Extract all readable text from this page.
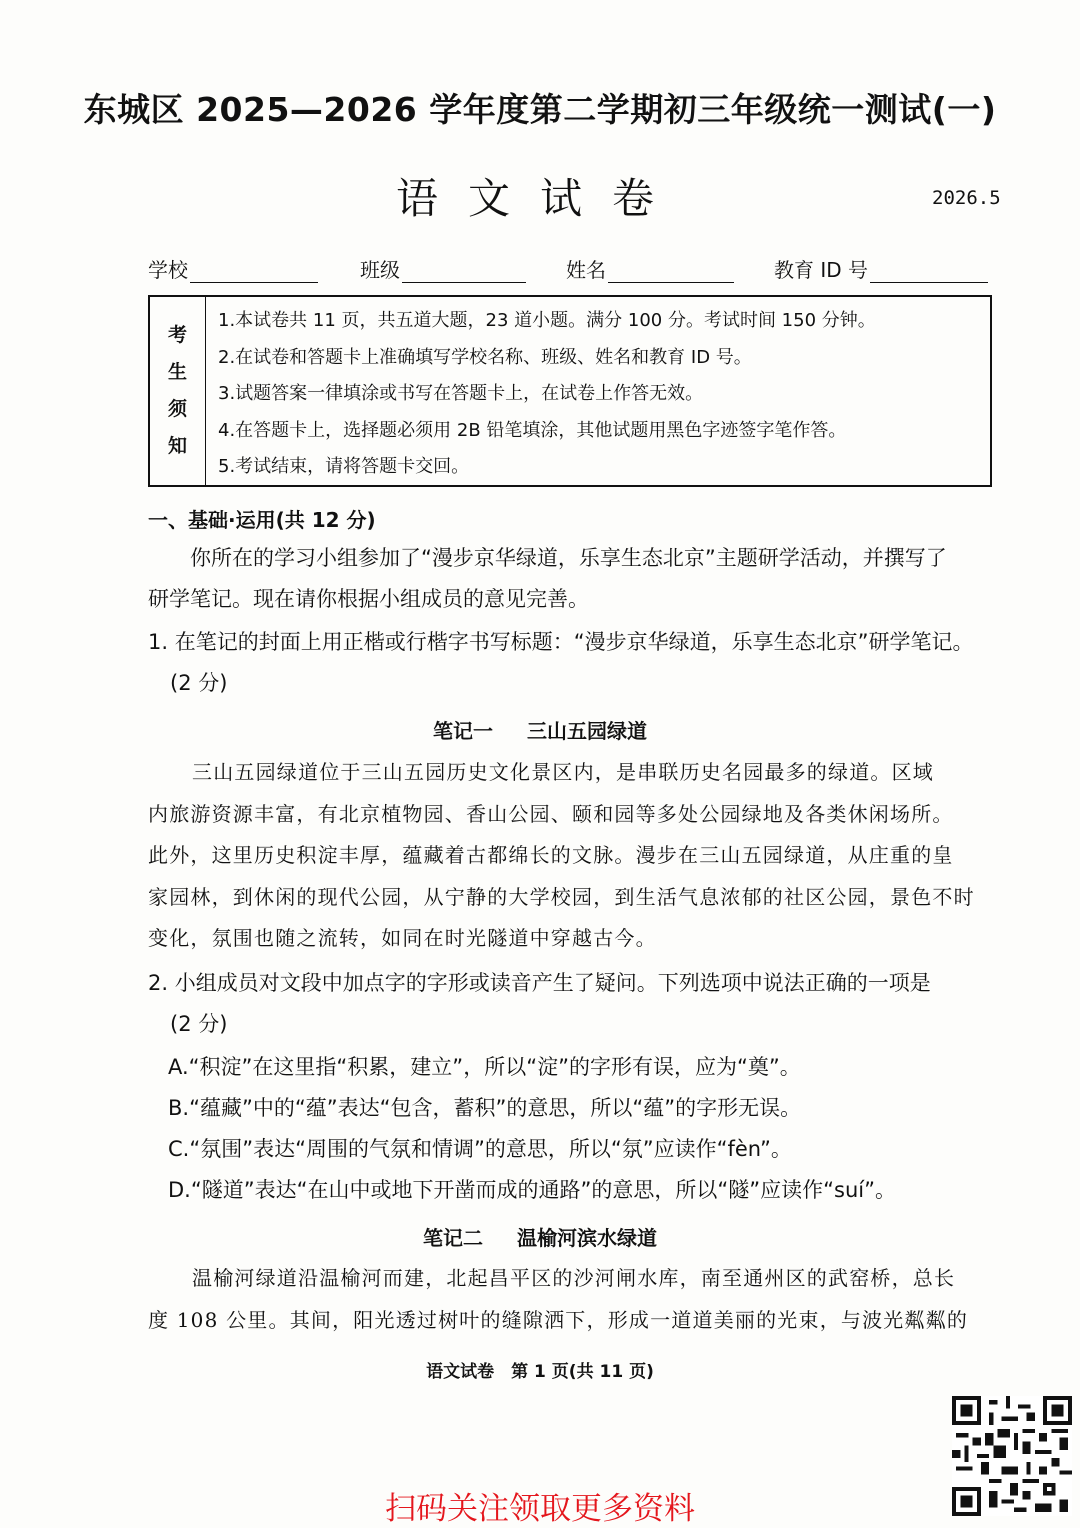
东城区 2025—2026 学年度第二学期初三年级统一测试(一)
语文试卷	2026.5
学校	班级	姓名	教育 ID 号
考
生
须
知
1.本试卷共 11 页，共五道大题，23 道小题。满分 100 分。考试时间 150 分钟。
2.在试卷和答题卡上准确填写学校名称、班级、姓名和教育 ID 号。
3.试题答案一律填涂或书写在答题卡上，在试卷上作答无效。
4.在答题卡上，选择题必须用 2B 铅笔填涂，其他试题用黑色字迹签字笔作答。
5.考试结束，请将答题卡交回。
一、基础·运用(共 12 分)
你所在的学习小组参加了“漫步京华绿道，乐享生态北京”主题研学活动，并撰写了
研学笔记。现在请你根据小组成员的意见完善。
1. 在笔记的封面上用正楷或行楷字书写标题：“漫步京华绿道，乐享生态北京”研学笔记。
(2 分)
笔记一 三山五园绿道
三山五园绿道位于三山五园历史文化景区内，是串联历史名园最多的绿道。区域
内旅游资源丰富，有北京植物园、香山公园、颐和园等多处公园绿地及各类休闲场所。
此外，这里历史积淀丰厚，蕴藏着古都绵长的文脉。漫步在三山五园绿道，从庄重的皇
家园林，到休闲的现代公园，从宁静的大学校园，到生活气息浓郁的社区公园，景色不时
变化，氛围也随之流转，如同在时光隧道中穿越古今。
2. 小组成员对文段中加点字的字形或读音产生了疑问。下列选项中说法正确的一项是
(2 分)
A.“积淀”在这里指“积累，建立”，所以“淀”的字形有误，应为“奠”。
B.“蕴藏”中的“蕴”表达“包含，蓄积”的意思，所以“蕴”的字形无误。
C.“氛围”表达“周围的气氛和情调”的意思，所以“氛”应读作“fèn”。
D.“隧道”表达“在山中或地下开凿而成的通路”的意思，所以“隧”应读作“suí”。
笔记二 温榆河滨水绿道
温榆河绿道沿温榆河而建，北起昌平区的沙河闸水库，南至通州区的武窑桥，总长
度 108 公里。其间，阳光透过树叶的缝隙洒下，形成一道道美丽的光束，与波光粼粼的
语文试卷　第 1 页(共 11 页)
扫码关注领取更多资料
